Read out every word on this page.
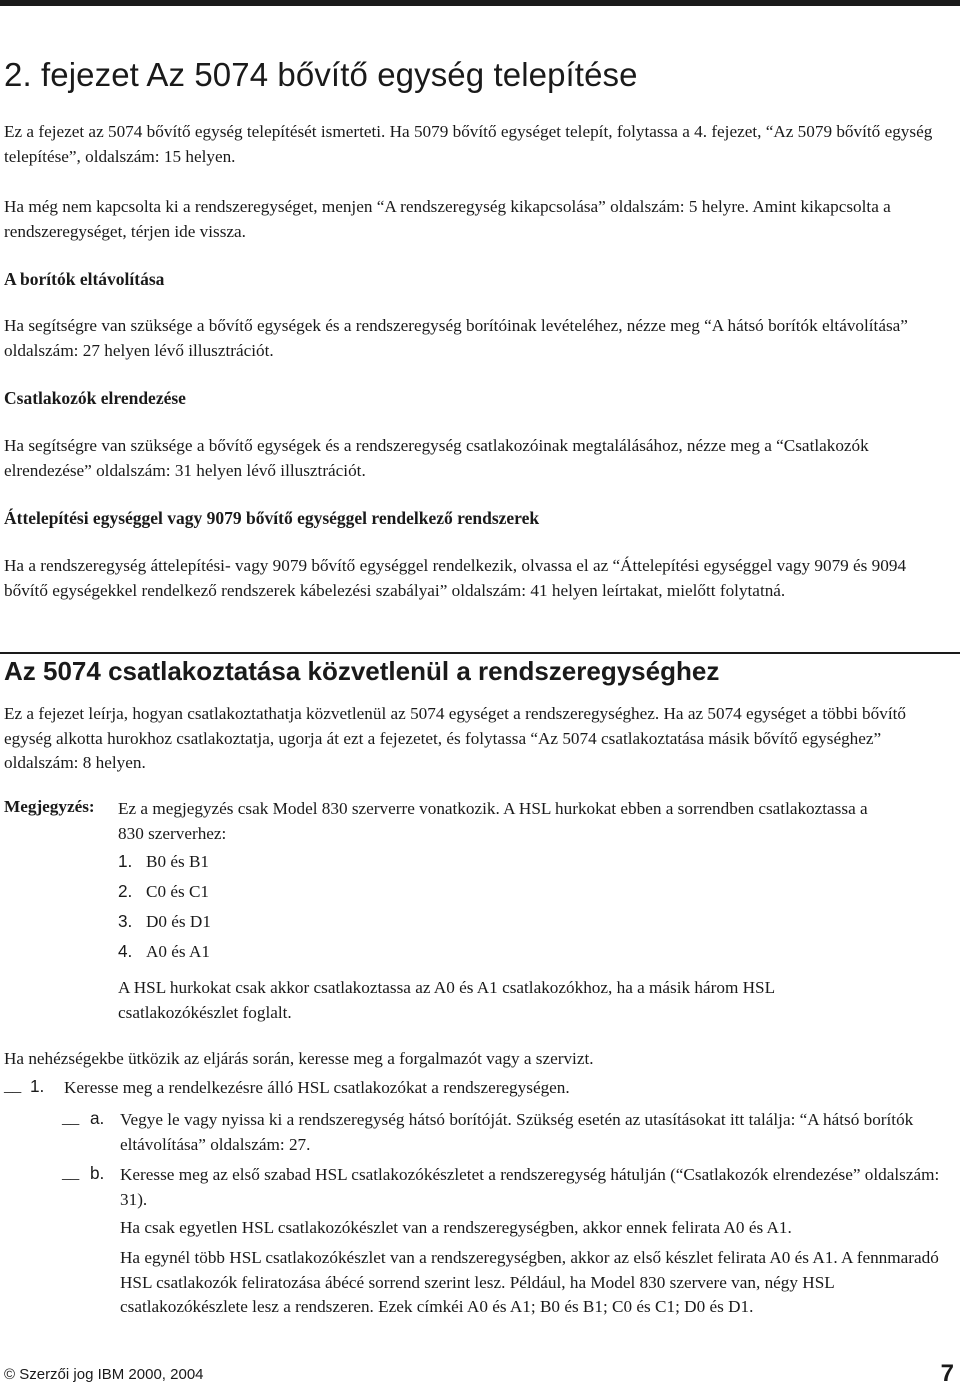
2. fejezet Az 5074 bővítő egység telepítése

Ez a fejezet az 5074 bővítő egység telepítését ismerteti. Ha 5079 bővítő egységet telepít, folytassa a 4. fejezet, “Az 5079 bővítő egység telepítése”, oldalszám: 15 helyen.

Ha még nem kapcsolta ki a rendszeregységet, menjen “A rendszeregység kikapcsolása” oldalszám: 5 helyre. Amint kikapcsolta a rendszeregységet, térjen ide vissza.

A borítók eltávolítása

Ha segítségre van szüksége a bővítő egységek és a rendszeregység borítóinak levételéhez, nézze meg “A hátsó borítók eltávolítása” oldalszám: 27 helyen lévő illusztrációt.

Csatlakozók elrendezése

Ha segítségre van szüksége a bővítő egységek és a rendszeregység csatlakozóinak megtalálásához, nézze meg a “Csatlakozók elrendezése” oldalszám: 31 helyen lévő illusztrációt.

Áttelepítési egységgel vagy 9079 bővítő egységgel rendelkező rendszerek

Ha a rendszeregység áttelepítési- vagy 9079 bővítő egységgel rendelkezik, olvassa el az “Áttelepítési egységgel vagy 9079 és 9094 bővítő egységekkel rendelkező rendszerek kábelezési szabályai” oldalszám: 41 helyen leírtakat, mielőtt folytatná.

Az 5074 csatlakoztatása közvetlenül a rendszeregységhez

Ez a fejezet leírja, hogyan csatlakoztathatja közvetlenül az 5074 egységet a rendszeregységhez. Ha az 5074 egységet a többi bővítő egység alkotta hurokhoz csatlakoztatja, ugorja át ezt a fejezetet, és folytassa “Az 5074 csatlakoztatása másik bővítő egységhez” oldalszám: 8 helyen.

Megjegyzés: Ez a megjegyzés csak Model 830 szerverre vonatkozik. A HSL hurkokat ebben a sorrendben csatlakoztassa a 830 szerverhez:
1. B0 és B1
2. C0 és C1
3. D0 és D1
4. A0 és A1
A HSL hurkokat csak akkor csatlakoztassa az A0 és A1 csatlakozókhoz, ha a másik három HSL csatlakozókészlet foglalt.

Ha nehézségekbe ütközik az eljárás során, keresse meg a forgalmazót vagy a szervizt.

__ 1. Keresse meg a rendelkezésre álló HSL csatlakozókat a rendszeregységen.
__ a. Vegye le vagy nyissa ki a rendszeregység hátsó borítóját. Szükség esetén az utasításokat itt találja: “A hátsó borítók eltávolítása” oldalszám: 27.
__ b. Keresse meg az első szabad HSL csatlakozókészletet a rendszeregység hátulján (“Csatlakozók elrendezése” oldalszám: 31).
Ha csak egyetlen HSL csatlakozókészlet van a rendszeregységben, akkor ennek felirata A0 és A1.
Ha egynél több HSL csatlakozókészlet van a rendszeregységben, akkor az első készlet felirata A0 és A1. A fennmaradó HSL csatlakozók feliratozása ábécé sorrend szerint lesz. Például, ha Model 830 szervere van, négy HSL csatlakozókészlete lesz a rendszeren. Ezek címkéi A0 és A1; B0 és B1; C0 és C1; D0 és D1.
© Szerzői jog IBM 2000, 2004	7
